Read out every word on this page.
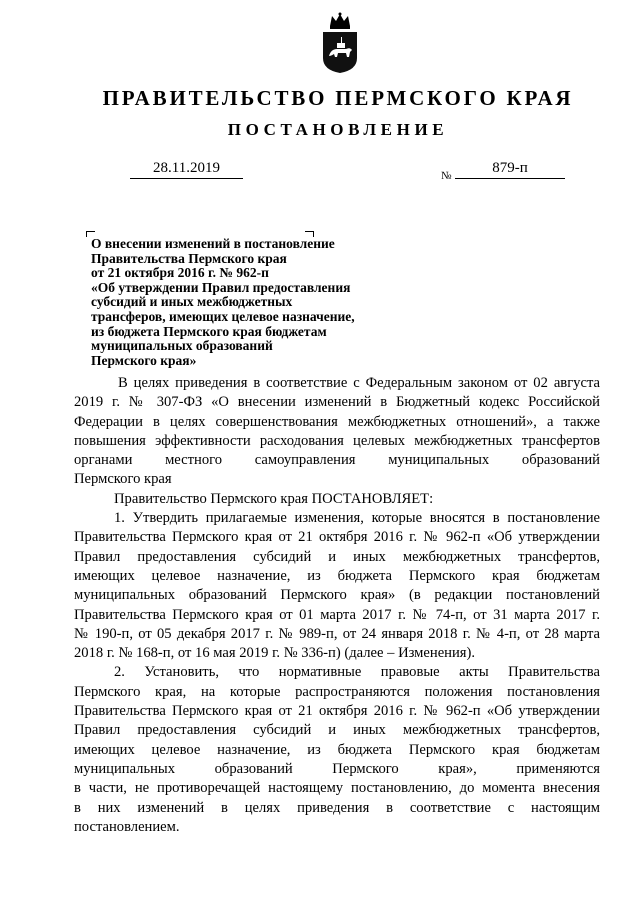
ПРАВИТЕЛЬСТВО ПЕРМСКОГО КРАЯ
ПОСТАНОВЛЕНИЕ
28.11.2019	№	879-п
О внесении изменений в постановление
Правительства Пермского края
от 21 октября 2016 г. № 962-п
«Об утверждении Правил предоставления
субсидий и иных межбюджетных
трансферов, имеющих целевое назначение,
из бюджета Пермского края бюджетам
муниципальных образований
Пермского края»
В целях приведения в соответствие с Федеральным законом от 02 августа
2019 г. № 307-ФЗ «О внесении изменений в Бюджетный кодекс Российской
Федерации в целях совершенствования межбюджетных отношений», а также
повышения эффективности расходования целевых межбюджетных трансфертов
органами местного самоуправления муниципальных образований
Пермского края
Правительство Пермского края ПОСТАНОВЛЯЕТ:
1. Утвердить прилагаемые изменения, которые вносятся в постановление
Правительства Пермского края от 21 октября 2016 г. № 962-п «Об утверждении
Правил предоставления субсидий и иных межбюджетных трансфертов,
имеющих целевое назначение, из бюджета Пермского края бюджетам
муниципальных образований Пермского края» (в редакции постановлений
Правительства Пермского края от 01 марта 2017 г. № 74-п, от 31 марта 2017 г.
№ 190-п, от 05 декабря 2017 г. № 989-п, от 24 января 2018 г. № 4-п, от 28 марта
2018 г. № 168-п, от 16 мая 2019 г. № 336-п) (далее – Изменения).
2. Установить, что нормативные правовые акты Правительства
Пермского края, на которые распространяются положения постановления
Правительства Пермского края от 21 октября 2016 г. № 962-п «Об утверждении
Правил предоставления субсидий и иных межбюджетных трансфертов,
имеющих целевое назначение, из бюджета Пермского края бюджетам
муниципальных образований Пермского края», применяются
в части, не противоречащей настоящему постановлению, до момента внесения
в них изменений в целях приведения в соответствие с настоящим
постановлением.
